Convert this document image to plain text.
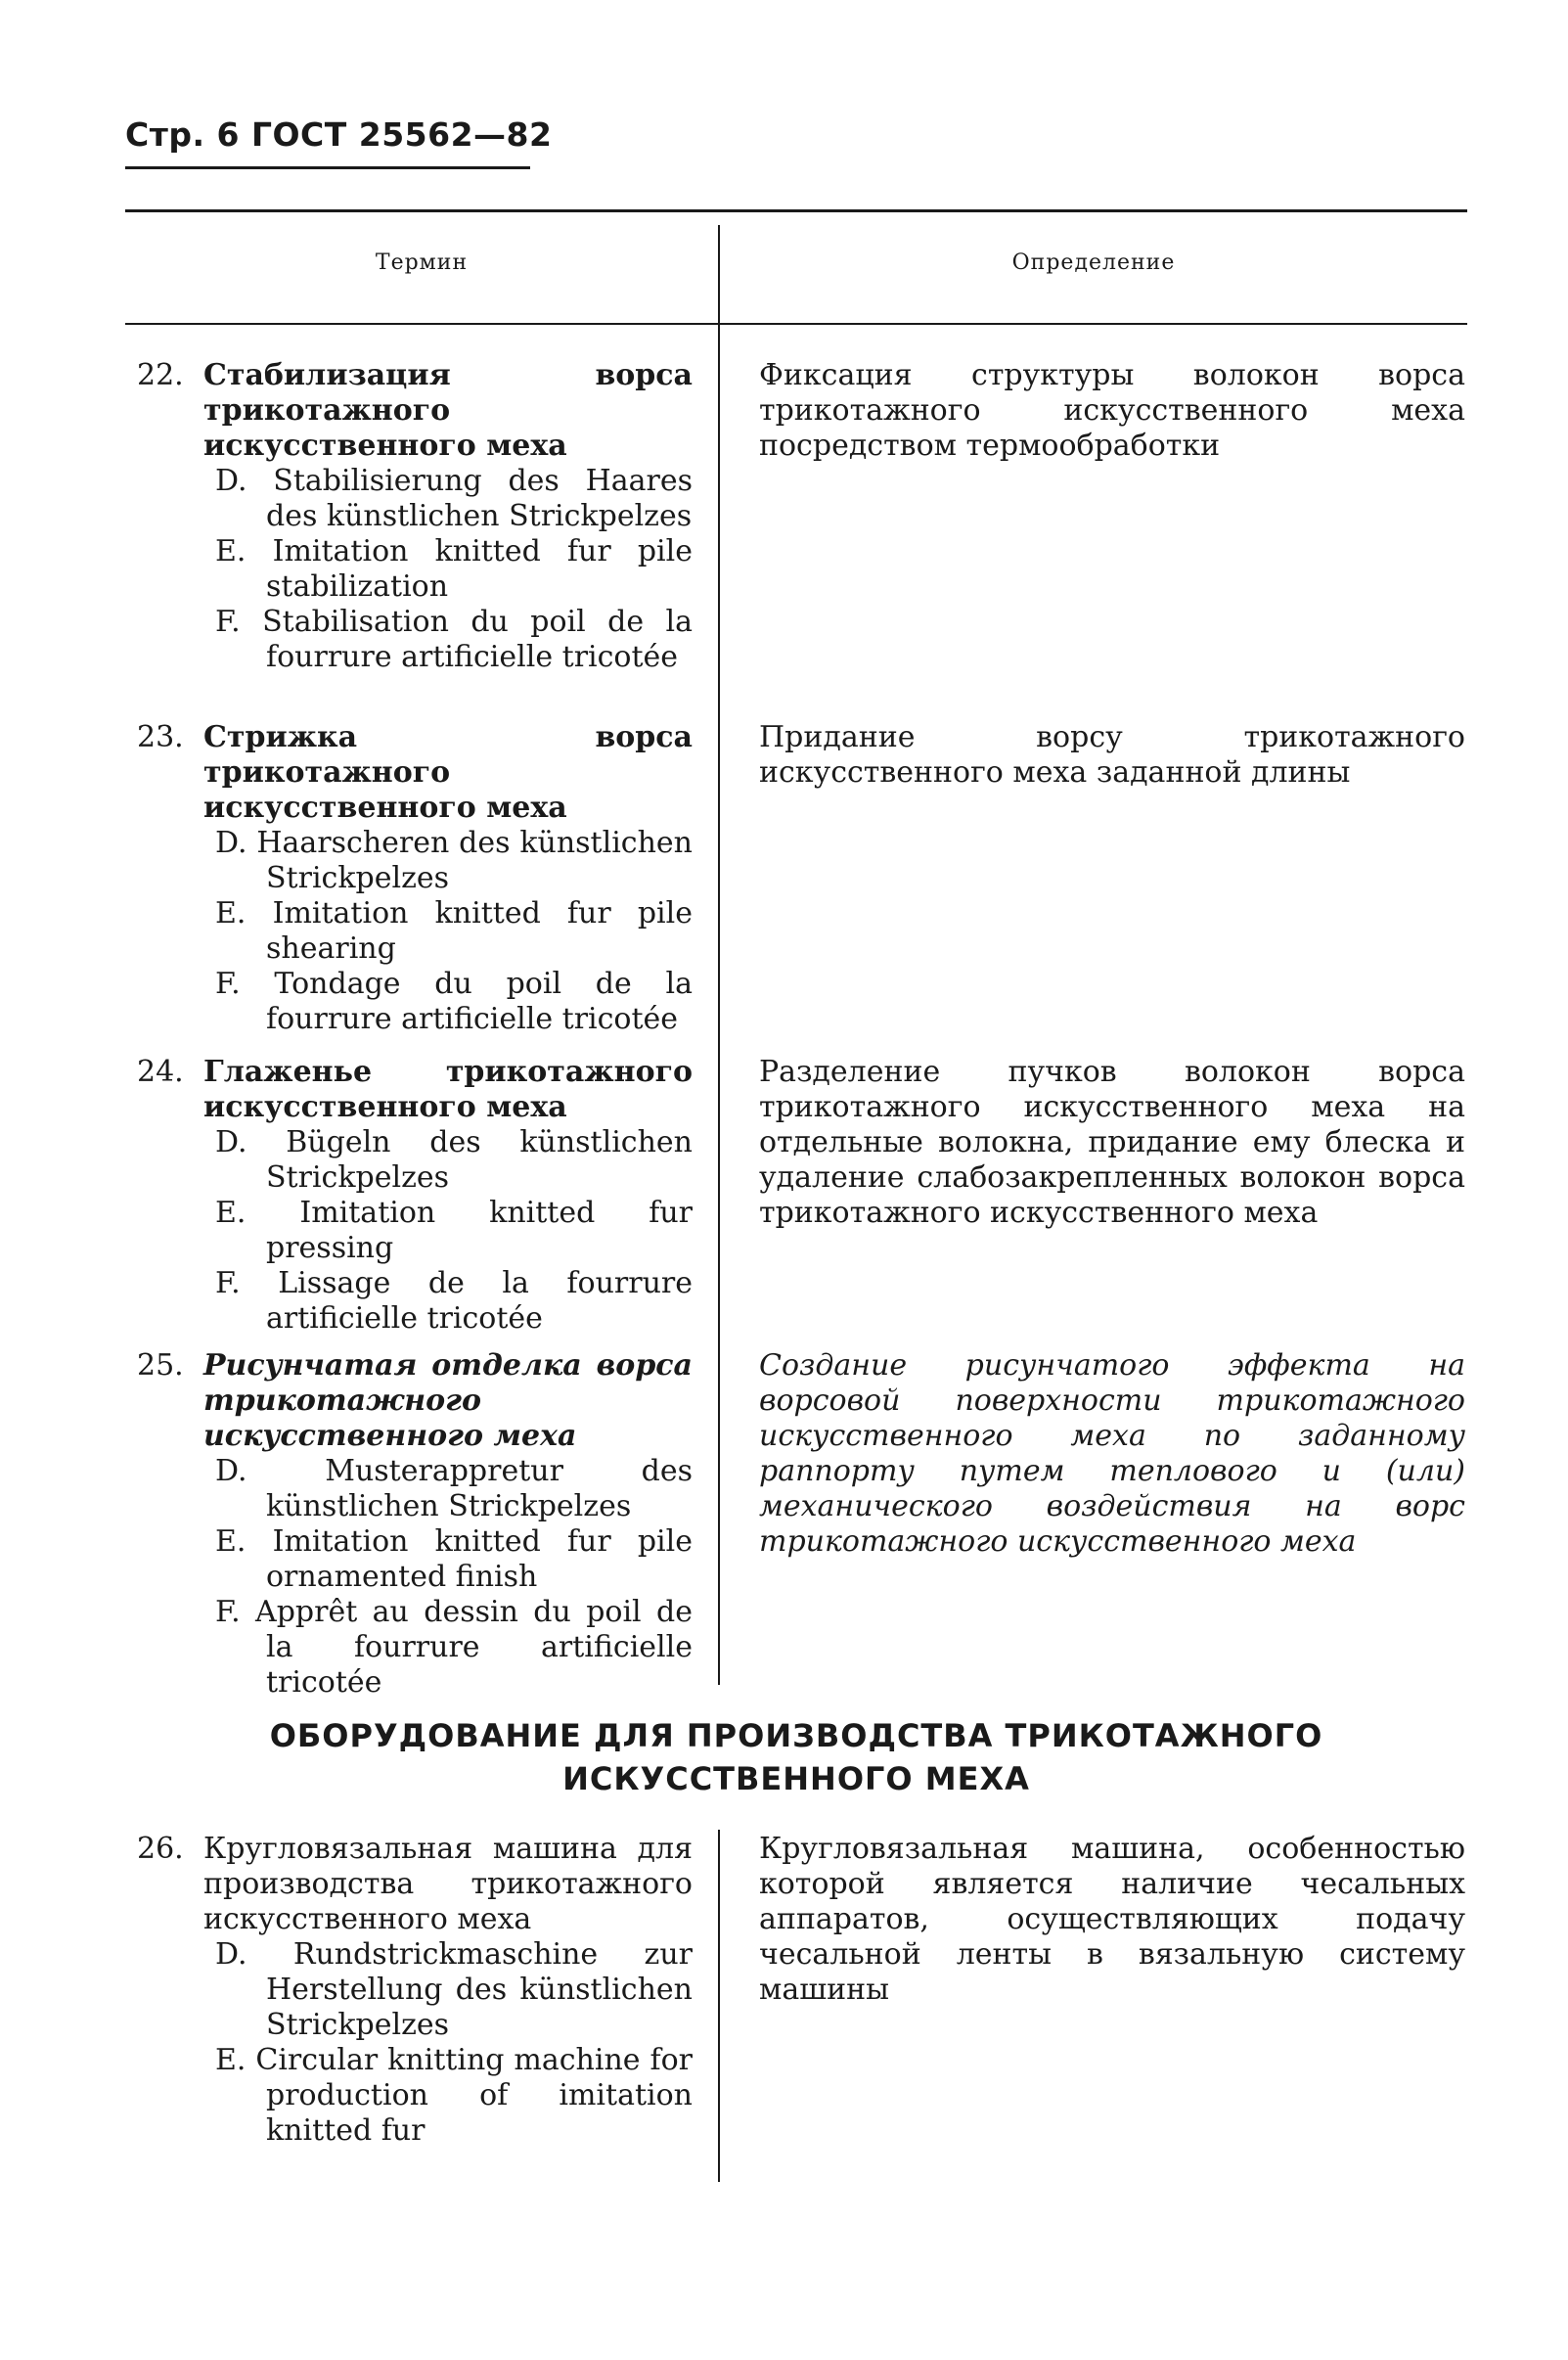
Стр. 6 ГОСТ 25562—82
Термин	Определение
22. Стабилизация ворса трикотажного искусственного меха
D. Stabilisierung des Haares des künstlichen Strickpelzes
E. Imitation knitted fur pile stabilization
F. Stabilisation du poil de la fourrure artificielle tricotée
Фиксация структуры волокон ворса трикотажного искусственного меха посредством термообработки
23. Стрижка ворса трикотажного искусственного меха
D. Haarscheren des künstlichen Strickpelzes
E. Imitation knitted fur pile shearing
F. Tondage du poil de la fourrure artificielle tricotée
Придание ворсу трикотажного искусственного меха заданной длины
24. Глаженье трикотажного искусственного меха
D. Bügeln des künstlichen Strickpelzes
E. Imitation knitted fur pressing
F. Lissage de la fourrure artificielle tricotée
Разделение пучков волокон ворса трикотажного искусственного меха на отдельные волокна, придание ему блеска и удаление слабозакрепленных волокон ворса трикотажного искусственного меха
25. Рисунчатая отделка ворса трикотажного искусственного меха
D. Musterappretur des künstlichen Strickpelzes
E. Imitation knitted fur pile ornamented finish
F. Apprêt au dessin du poil de la fourrure artificielle tricotée
Создание рисунчатого эффекта на ворсовой поверхности трикотажного искусственного меха по заданному раппорту путем теплового и (или) механического воздействия на ворс трикотажного искусственного меха
ОБОРУДОВАНИЕ ДЛЯ ПРОИЗВОДСТВА ТРИКОТАЖНОГО
ИСКУССТВЕННОГО МЕХА
26. Кругловязальная машина для производства трикотажного искусственного меха
D. Rundstrickmaschine zur Herstellung des künstlichen Strickpelzes
E. Circular knitting machine for production of imitation knitted fur
Кругловязальная машина, особенностью которой является наличие чесальных аппаратов, осуществляющих подачу чесальной ленты в вязальную систему машины
